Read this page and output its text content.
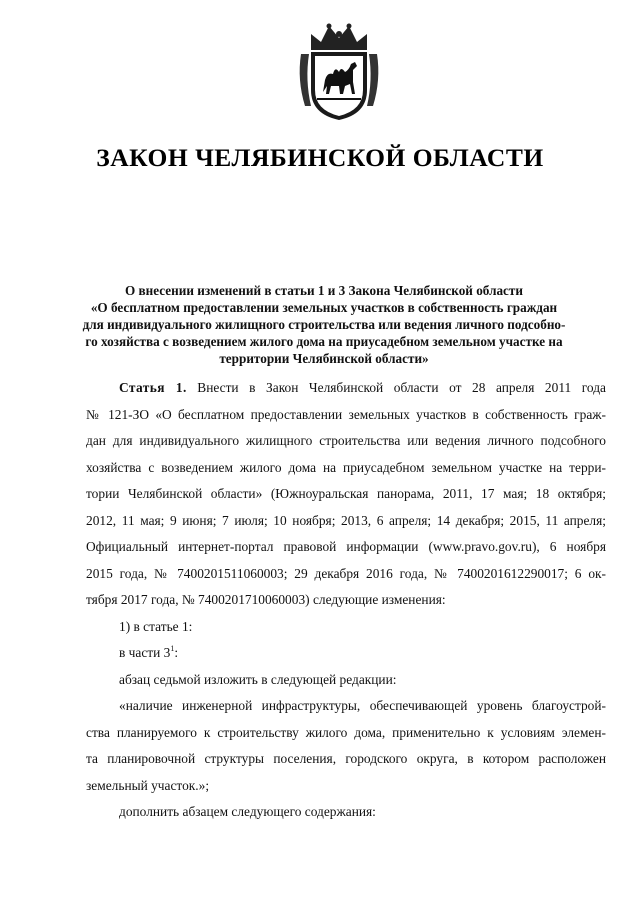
ЗАКОН ЧЕЛЯБИНСКОЙ ОБЛАСТИ
О внесении изменений в статьи 1 и 3 Закона Челябинской области
«О бесплатном предоставлении земельных участков в собственность граждан
для индивидуального жилищного строительства или ведения личного подсобно-
го хозяйства с возведением жилого дома на приусадебном земельном участке на
территории Челябинской области»
Статья 1. Внести в Закон Челябинской области от 28 апреля 2011 года
№ 121-ЗО «О бесплатном предоставлении земельных участков в собственность граж-
дан для индивидуального жилищного строительства или ведения личного подсобного
хозяйства с возведением жилого дома на приусадебном земельном участке на терри-
тории Челябинской области» (Южноуральская панорама, 2011, 17 мая; 18 октября;
2012, 11 мая; 9 июня; 7 июля; 10 ноября; 2013, 6 апреля; 14 декабря; 2015, 11 апреля;
Официальный интернет-портал правовой информации (www.pravo.gov.ru), 6 ноября
2015 года, № 7400201511060003; 29 декабря 2016 года, № 7400201612290017; 6 ок-
тября 2017 года, № 7400201710060003) следующие изменения:
1) в статье 1:
в части $3^1$:
абзац седьмой изложить в следующей редакции:
«наличие инженерной инфраструктуры, обеспечивающей уровень благоустрой-
ства планируемого к строительству жилого дома, применительно к условиям элемен-
та планировочной структуры поселения, городского округа, в котором расположен
земельный участок.»;
дополнить абзацем следующего содержания:
